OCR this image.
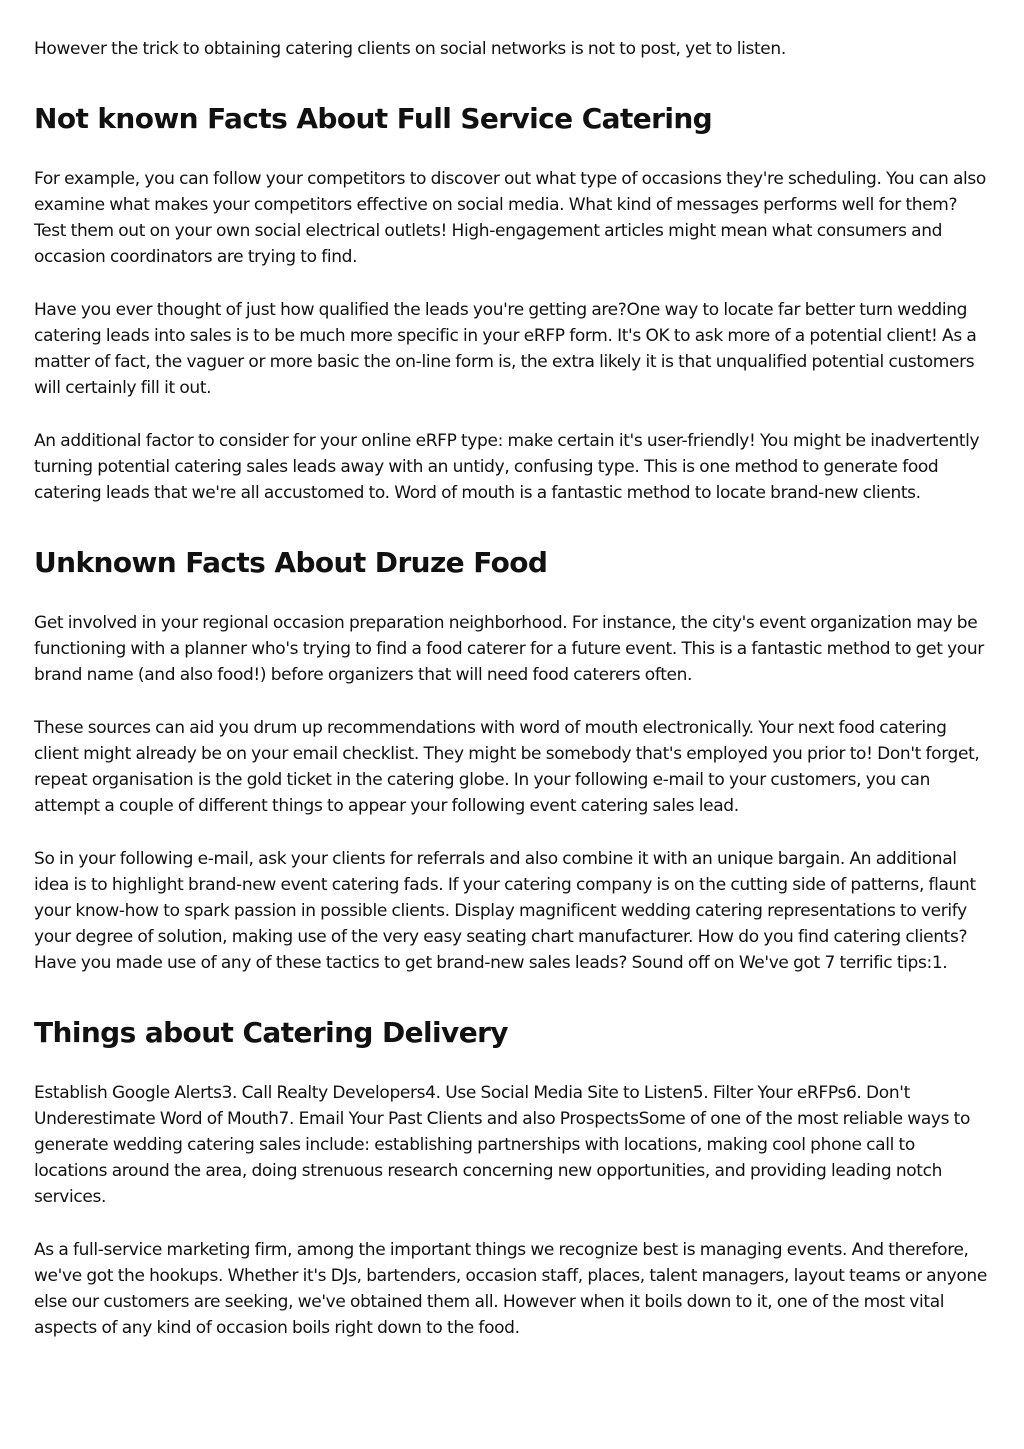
However the trick to obtaining catering clients on social networks is not to post, yet to listen.

Not known Facts About Full Service Catering

For example, you can follow your competitors to discover out what type of occasions they're scheduling. You can also examine what makes your competitors effective on social media. What kind of messages performs well for them? Test them out on your own social electrical outlets! High-engagement articles might mean what consumers and occasion coordinators are trying to find.

Have you ever thought of just how qualified the leads you're getting are?One way to locate far better turn wedding catering leads into sales is to be much more specific in your eRFP form. It's OK to ask more of a potential client! As a matter of fact, the vaguer or more basic the on-line form is, the extra likely it is that unqualified potential customers will certainly fill it out.

An additional factor to consider for your online eRFP type: make certain it's user-friendly! You might be inadvertently turning potential catering sales leads away with an untidy, confusing type. This is one method to generate food catering leads that we're all accustomed to. Word of mouth is a fantastic method to locate brand-new clients.

Unknown Facts About Druze Food

Get involved in your regional occasion preparation neighborhood. For instance, the city's event organization may be functioning with a planner who's trying to find a food caterer for a future event. This is a fantastic method to get your brand name (and also food!) before organizers that will need food caterers often.

These sources can aid you drum up recommendations with word of mouth electronically. Your next food catering client might already be on your email checklist. They might be somebody that's employed you prior to! Don't forget, repeat organisation is the gold ticket in the catering globe. In your following e-mail to your customers, you can attempt a couple of different things to appear your following event catering sales lead.

So in your following e-mail, ask your clients for referrals and also combine it with an unique bargain. An additional idea is to highlight brand-new event catering fads. If your catering company is on the cutting side of patterns, flaunt your know-how to spark passion in possible clients. Display magnificent wedding catering representations to verify your degree of solution, making use of the very easy seating chart manufacturer. How do you find catering clients? Have you made use of any of these tactics to get brand-new sales leads? Sound off on We've got 7 terrific tips:1.

Things about Catering Delivery

Establish Google Alerts3. Call Realty Developers4. Use Social Media Site to Listen5. Filter Your eRFPs6. Don't Underestimate Word of Mouth7. Email Your Past Clients and also ProspectsSome of one of the most reliable ways to generate wedding catering sales include: establishing partnerships with locations, making cool phone call to locations around the area, doing strenuous research concerning new opportunities, and providing leading notch services.

As a full-service marketing firm, among the important things we recognize best is managing events. And therefore, we've got the hookups. Whether it's DJs, bartenders, occasion staff, places, talent managers, layout teams or anyone else our customers are seeking, we've obtained them all. However when it boils down to it, one of the most vital aspects of any kind of occasion boils right down to the food.
